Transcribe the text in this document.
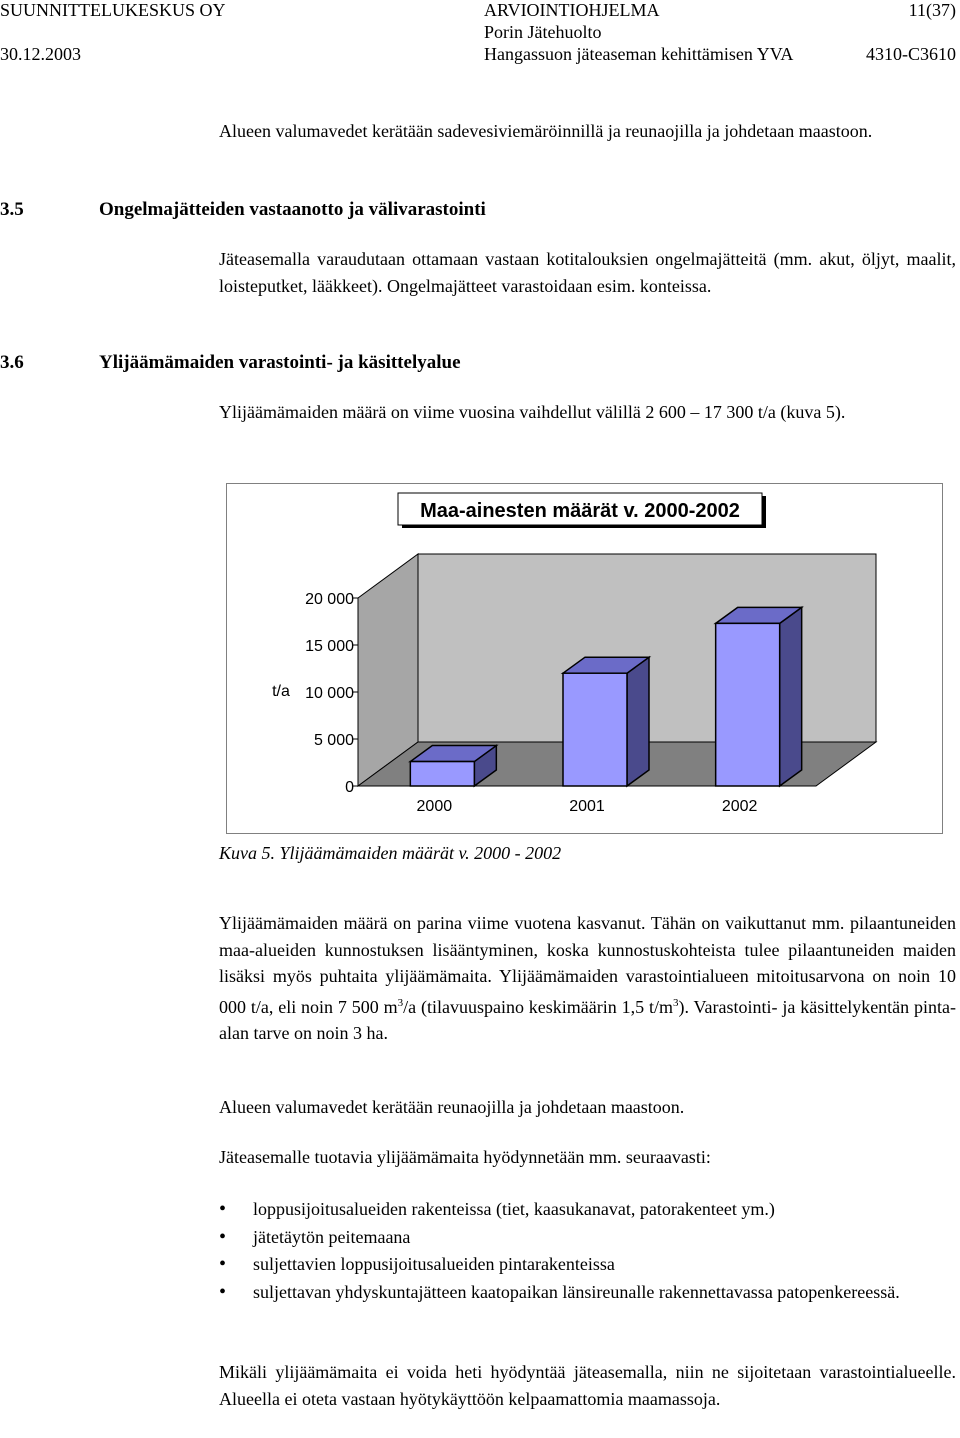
SUUNNITTELUKESKUS OY
30.12.2003
ARVIOINTIOHJELMA
Porin Jätehuolto
Hangassuon jäteaseman kehittämisen YVA
11(37)
4310-C3610
Alueen valumavedet kerätään sadevesiviemäröinnillä ja reunaojilla ja johdetaan maastoon.
3.5	Ongelmajätteiden vastaanotto ja välivarastointi
Jäteasemalla varaudutaan ottamaan vastaan kotitalouksien ongelmajätteitä (mm. akut, öljyt, maalit, loisteputket, lääkkeet). Ongelmajätteet varastoidaan esim. konteissa.
3.6	Ylijäämämaiden varastointi- ja käsittelyalue
Ylijäämämaiden määrä on viime vuosina vaihdellut välillä 2 600 – 17 300 t/a (kuva 5).
0
5 000
10 000
15 000
20 000
2000	2001	2002
t/a
Maa-ainesten määrät v. 2000-2002
Kuva 5. Ylijäämämaiden määrät v. 2000 - 2002
Ylijäämämaiden määrä on parina viime vuotena kasvanut. Tähän on vaikuttanut mm. pilaantuneiden maa-alueiden kunnostuksen lisääntyminen, koska kunnostuskohteista tulee pilaantuneiden maiden lisäksi myös puhtaita ylijäämämaita. Ylijäämämaiden varastointialueen mitoitusarvona on noin 10 000 t/a, eli noin 7 500 $m^3/a$ (tilavuuspaino keskimäärin 1,5 $t/m^3$). Varastointi- ja käsittelykentän pinta-alan tarve on noin 3 ha.
Alueen valumavedet kerätään reunaojilla ja johdetaan maastoon.
Jäteasemalle tuotavia ylijäämämaita hyödynnetään mm. seuraavasti:
• loppusijoitusalueiden rakenteissa (tiet, kaasukanavat, patorakenteet ym.)
• jätetäytön peitemaana
• suljettavien loppusijoitusalueiden pintarakenteissa
• suljettavan yhdyskuntajätteen kaatopaikan länsireunalle rakennettavassa patopenkereessä.
Mikäli ylijäämämaita ei voida heti hyödyntää jäteasemalla, niin ne sijoitetaan varastointialueelle. Alueella ei oteta vastaan hyötykäyttöön kelpaamattomia maamassoja.
